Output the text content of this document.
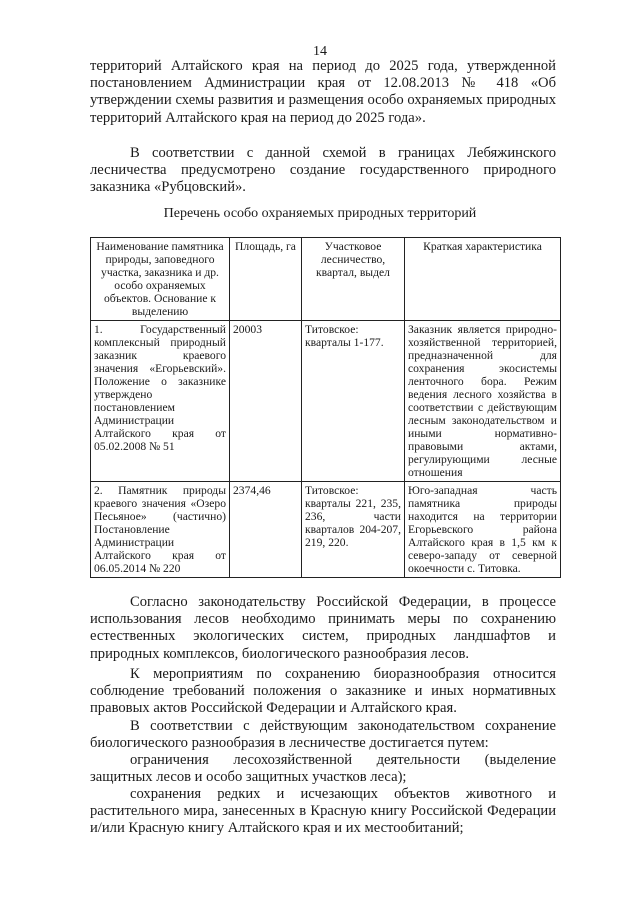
14

территорий Алтайского края на период до 2025 года, утвержденной постановлением Администрации края от 12.08.2013 № 418 «Об утверждении схемы развития и размещения особо охраняемых природных территорий Алтайского края на период до 2025 года».

В соответствии с данной схемой в границах Лебяжинского лесничества предусмотрено создание государственного природного заказника «Рубцовский».

Перечень особо охраняемых природных территорий
Наименование памятника природы, заповедного участка, заказника и др. особо охраняемых объектов. Основание к выделению	Площадь, га	Участковое лесничество, квартал, выдел	Краткая характеристика
1. Государственный комплексный природный заказник краевого значения «Егорьевский». Положение о заказнике утверждено постановлением Администрации Алтайского края от 05.02.2008 № 51	20003	Титовское: кварталы 1-177.	Заказник является природно-хозяйственной территорией, предназначенной для сохранения экосистемы ленточного бора. Режим ведения лесного хозяйства в соответствии с действующим лесным законодательством и иными нормативно-правовыми актами, регулирующими лесные отношения
2. Памятник природы краевого значения «Озеро Песьяное» (частично) Постановление Администрации Алтайского края от 06.05.2014 № 220	2374,46	Титовское: кварталы 221, 235, 236, части кварталов 204-207, 219, 220.	Юго-западная часть памятника природы находится на территории Егорьевского района Алтайского края в 1,5 км к северо-западу от северной окоечности с. Титовка.

Согласно законодательству Российской Федерации, в процессе использования лесов необходимо принимать меры по сохранению естественных экологических систем, природных ландшафтов и природных комплексов, биологического разнообразия лесов.

К мероприятиям по сохранению биоразнообразия относится соблюдение требований положения о заказнике и иных нормативных правовых актов Российской Федерации и Алтайского края.

В соответствии с действующим законодательством сохранение биологического разнообразия в лесничестве достигается путем:

ограничения лесохозяйственной деятельности (выделение защитных лесов и особо защитных участков леса);

сохранения редких и исчезающих объектов животного и растительного мира, занесенных в Красную книгу Российской Федерации и/или Красную книгу Алтайского края и их местообитаний;
